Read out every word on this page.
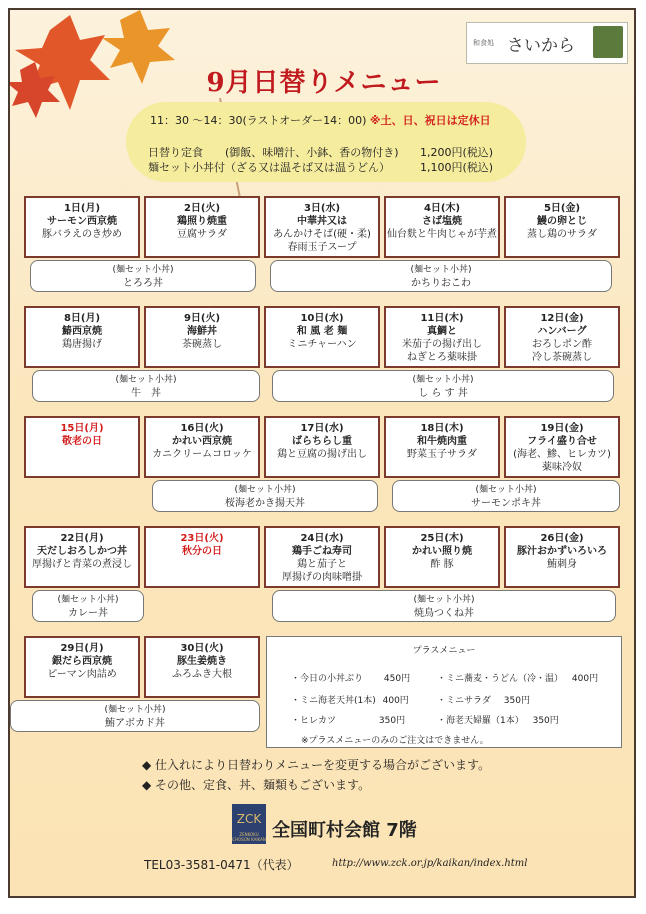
和食処 さいから
9月日替りメニュー
11：30 〜14：30(ラストオーダー14：00) ※土、日、祝日は定休日
日替り定食　　(御飯、味噌汁、小鉢、香の物付き) 1,200円(税込)
麺セット小丼付（ざる又は温そば又は温うどん）	1,100円(税込)
1日(月)
サーモン西京焼
豚バラえのき炒め
2日(火)
鶏照り焼重
豆腐サラダ
3日(水)
中華丼又は
あんかけそば(硬・柔)
春雨玉子スープ
4日(木)
さば塩焼
仙台麩と牛肉じゃが芋煮
5日(金)
鰻の卵とじ
蒸し鶏のサラダ
8日(月)
鰆西京焼
鶏唐揚げ
9日(火)
海鮮丼
茶碗蒸し
10日(水)
和 風 老 麺
ミニチャーハン
11日(木)
真鯛と
米茄子の揚げ出し
ねぎとろ薬味掛
12日(金)
ハンバーグ
おろしポン酢
冷し茶碗蒸し
15日(月)
敬老の日
16日(火)
かれい西京焼
カニクリームコロッケ
17日(水)
ばらちらし重
鶏と豆腐の揚げ出し
18日(木)
和牛焼肉重
野菜玉子サラダ
19日(金)
フライ盛り合せ
(海老、鯵、ヒレカツ)
薬味冷奴
22日(月)
天だしおろしかつ丼
厚揚げと青菜の煮浸し
23日(火)
秋分の日
24日(水)
鶏手ごね寿司
鶏と茄子と
厚揚げの肉味噌掛
25日(木)
かれい照り焼
酢 豚
26日(金)
豚汁おかずいろいろ
鮪刺身
29日(月)
銀だら西京焼
ピーマン肉詰め
30日(火)
豚生姜焼き
ふろふき大根
(麺セット小丼)
とろろ丼
(麺セット小丼)
かちりおこわ
(麺セット小丼)
牛　丼
(麺セット小丼)
し ら す 丼
(麺セット小丼)
桜海老かき揚天丼
(麺セット小丼)
サーモンポキ丼
(麺セット小丼)
カレー丼
(麺セット小丼)
焼鳥つくね丼
(麺セット小丼)
鮪アボカド丼
プラスメニュー
・今日の小丼ぶり 450円	・ミニ蕎麦・うどん（冷・温） 400円
・ミニ海老天丼(1本) 400円	・ミニサラダ 350円
・ヒレカツ	350円	・海老天婦羅（1本） 350円
※プラスメニューのみのご注文はできません。
◆ 仕入れにより日替わりメニューを変更する場合がございます。
◆ その他、定食、丼、麺類もございます。
ZCK
ZENKOKU CHOSON KAIKAN 全国町村会館 7階
TEL03-3581-0471（代表）	http://www.zck.or.jp/kaikan/index.html
